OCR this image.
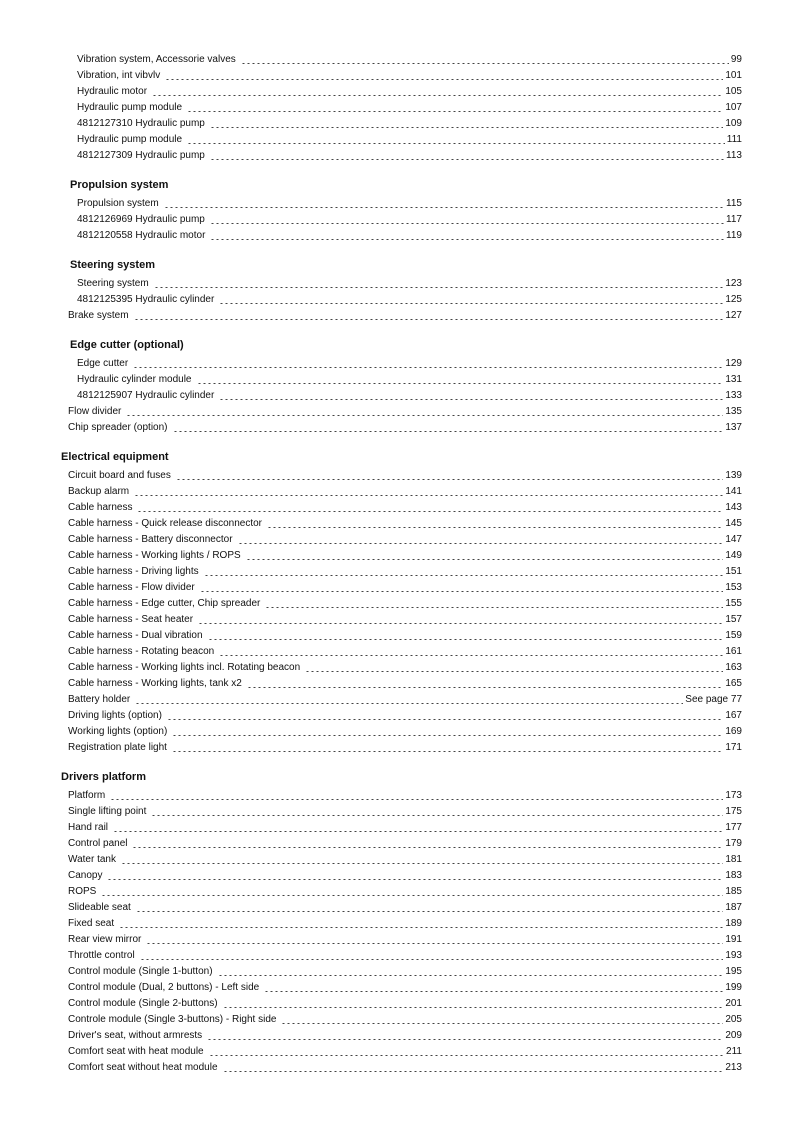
Vibration system, Accessorie valves	99
Vibration, int vibvlv	101
Hydraulic motor	105
Hydraulic pump module	107
4812127310 Hydraulic pump	109
Hydraulic pump module	111
4812127309 Hydraulic pump	113
Propulsion system
Propulsion system	115
4812126969 Hydraulic pump	117
4812120558 Hydraulic motor	119
Steering system
Steering system	123
4812125395 Hydraulic cylinder	125
Brake system	127
Edge cutter (optional)
Edge cutter	129
Hydraulic cylinder module	131
4812125907 Hydraulic cylinder	133
Flow divider	135
Chip spreader (option)	137
Electrical equipment
Circuit board and fuses	139
Backup alarm	141
Cable harness	143
Cable harness - Quick release disconnector	145
Cable harness - Battery disconnector	147
Cable harness - Working lights / ROPS	149
Cable harness - Driving lights	151
Cable harness - Flow divider	153
Cable harness - Edge cutter, Chip spreader	155
Cable harness - Seat heater	157
Cable harness - Dual vibration	159
Cable harness - Rotating beacon	161
Cable harness - Working lights incl. Rotating beacon	163
Cable harness - Working lights, tank x2	165
Battery holder	See page 77
Driving lights (option)	167
Working lights (option)	169
Registration plate light	171
Drivers platform
Platform	173
Single lifting point	175
Hand rail	177
Control panel	179
Water tank	181
Canopy	183
ROPS	185
Slideable seat	187
Fixed seat	189
Rear view mirror	191
Throttle control	193
Control module (Single 1-button)	195
Control module (Dual, 2 buttons) - Left side	199
Control module (Single 2-buttons)	201
Controle module (Single 3-buttons) - Right side	205
Driver's seat, without armrests	209
Comfort seat with heat module	211
Comfort seat without heat module	213
